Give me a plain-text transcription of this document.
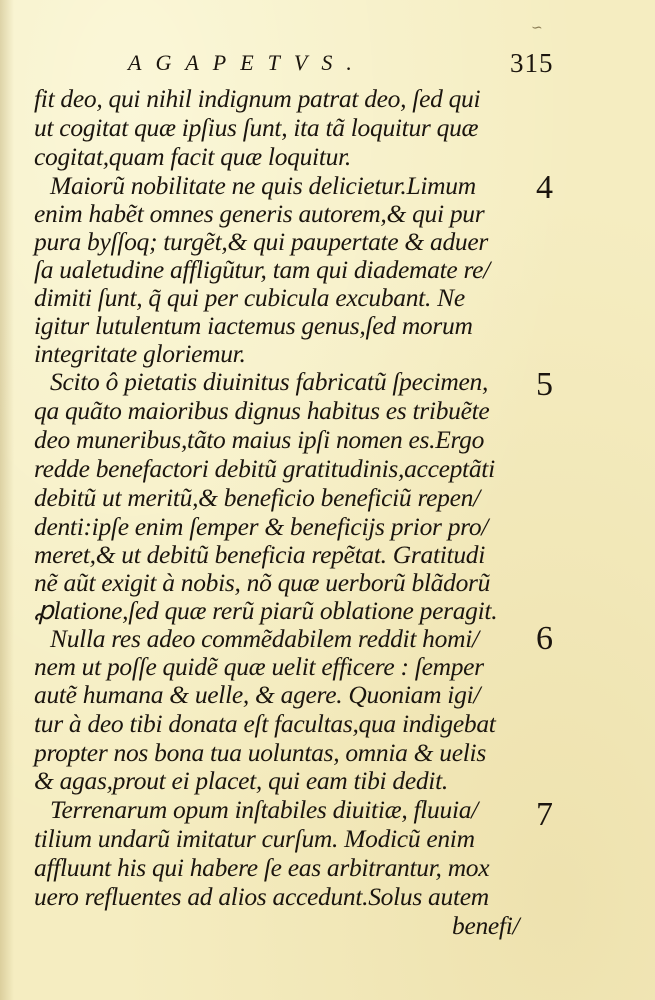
∽
AGAPETVS.	315
fit deo, qui nihil indignum patrat deo, ſed qui
ut cogitat quæ ipſius ſunt, ita tã loquitur quæ
cogitat,quam facit quæ loquitur.
Maiorũ nobilitate ne quis delicietur.Limum
enim habẽt omnes generis autorem,& qui pur
pura byſſoq; turgẽt,& qui paupertate & aduer
ſa ualetudine affligũtur, tam qui diademate re/
dimiti ſunt, q̃ qui per cubicula excubant. Ne
igitur lutulentum iactemus genus,ſed morum
integritate gloriemur.
Scito ô pietatis diuinitus fabricatũ ſpecimen,
qa quãto maioribus dignus habitus es tribuẽte
deo muneribus,tãto maius ipſi nomen es.Ergo
redde benefactori debitũ gratitudinis,acceptãti
debitũ ut meritũ,& beneficio beneficiũ repen/
denti:ipſe enim ſemper & beneficijs prior pro/
meret,& ut debitũ beneficia repẽtat. Gratitudi
nẽ aũt exigit à nobis, nõ quæ uerborũ blãdorũ
ꝓlatione,ſed quæ rerũ piarũ oblatione peragit.
Nulla res adeo commẽdabilem reddit homi/
nem ut poſſe quidẽ quæ uelit efficere : ſemper
autẽ humana & uelle, & agere. Quoniam igi/
tur à deo tibi donata eſt facultas,qua indigebat
propter nos bona tua uoluntas, omnia & uelis
& agas,prout ei placet, qui eam tibi dedit.
Terrenarum opum inſtabiles diuitiæ, fluuia/
tilium undarũ imitatur curſum. Modicũ enim
affluunt his qui habere ſe eas arbitrantur, mox
uero refluentes ad alios accedunt.Solus autem
benefi/
4
5
6
7
